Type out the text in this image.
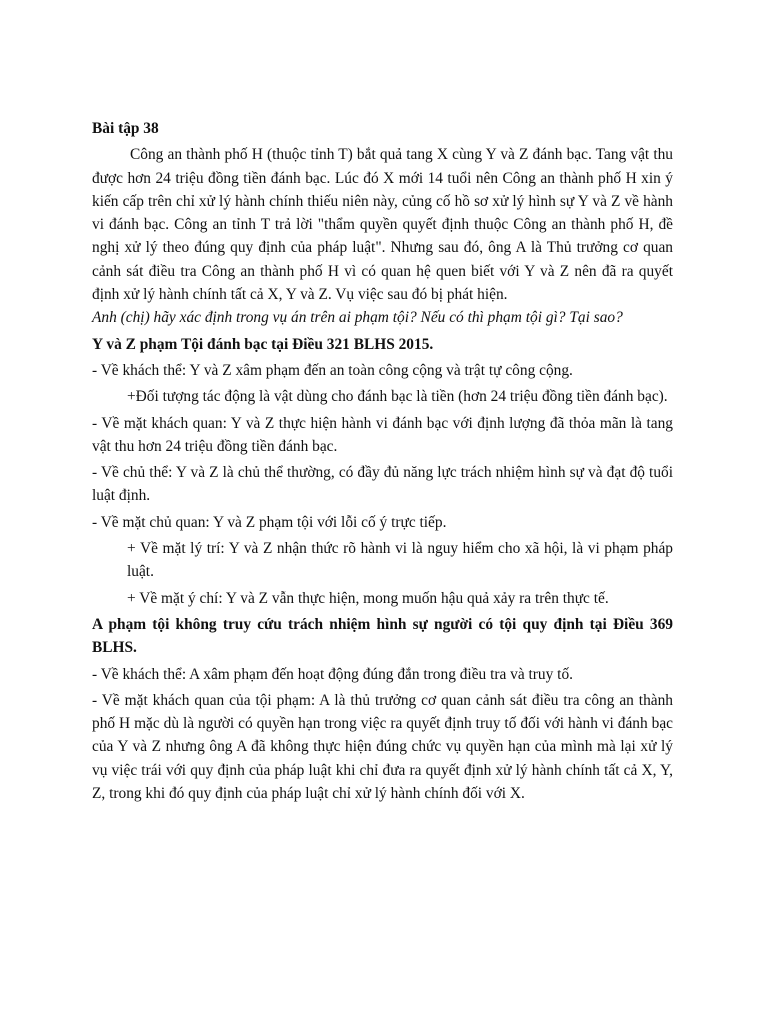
Bài tập 38

Công an thành phố H (thuộc tỉnh T) bắt quả tang X cùng Y và Z đánh bạc. Tang vật thu được hơn 24 triệu đồng tiền đánh bạc. Lúc đó X mới 14 tuổi nên Công an thành phố H xin ý kiến cấp trên chỉ xử lý hành chính thiếu niên này, củng cố hồ sơ xử lý hình sự Y và Z về hành vi đánh bạc. Công an tỉnh T trả lời "thẩm quyền quyết định thuộc Công an thành phố H, đề nghị xử lý theo đúng quy định của pháp luật". Nhưng sau đó, ông A là Thủ trưởng cơ quan cảnh sát điều tra Công an thành phố H vì có quan hệ quen biết với Y và Z nên đã ra quyết định xử lý hành chính tất cả X, Y và Z. Vụ việc sau đó bị phát hiện.

Anh (chị) hãy xác định trong vụ án trên ai phạm tội? Nếu có thì phạm tội gì? Tại sao?

Y và Z phạm Tội đánh bạc tại Điều 321 BLHS 2015.

- Về khách thể: Y và Z xâm phạm đến an toàn công cộng và trật tự công cộng.

+Đối tượng tác động là vật dùng cho đánh bạc là tiền (hơn 24 triệu đồng tiền đánh bạc).

- Về mặt khách quan: Y và Z thực hiện hành vi đánh bạc với định lượng đã thỏa mãn là tang vật thu hơn 24 triệu đồng tiền đánh bạc.

- Về chủ thể: Y và Z là chủ thể thường, có đầy đủ năng lực trách nhiệm hình sự và đạt độ tuổi luật định.

- Về mặt chủ quan: Y và Z phạm tội với lỗi cố ý trực tiếp.

+ Về mặt lý trí: Y và Z nhận thức rõ hành vi là nguy hiểm cho xã hội, là vi phạm pháp luật.

+ Về mặt ý chí: Y và Z vẫn thực hiện, mong muốn hậu quả xảy ra trên thực tế.

A phạm tội không truy cứu trách nhiệm hình sự người có tội quy định tại Điều 369 BLHS.

- Về khách thể: A xâm phạm đến hoạt động đúng đắn trong điều tra và truy tố.

- Về mặt khách quan của tội phạm: A là thủ trưởng cơ quan cảnh sát điều tra công an thành phố H mặc dù là người có quyền hạn trong việc ra quyết định truy tố đối với hành vi đánh bạc của Y và Z nhưng ông A đã không thực hiện đúng chức vụ quyền hạn của mình mà lại xử lý vụ việc trái với quy định của pháp luật khi chỉ đưa ra quyết định xử lý hành chính tất cả X, Y, Z, trong khi đó quy định của pháp luật chỉ xử lý hành chính đối với X.
